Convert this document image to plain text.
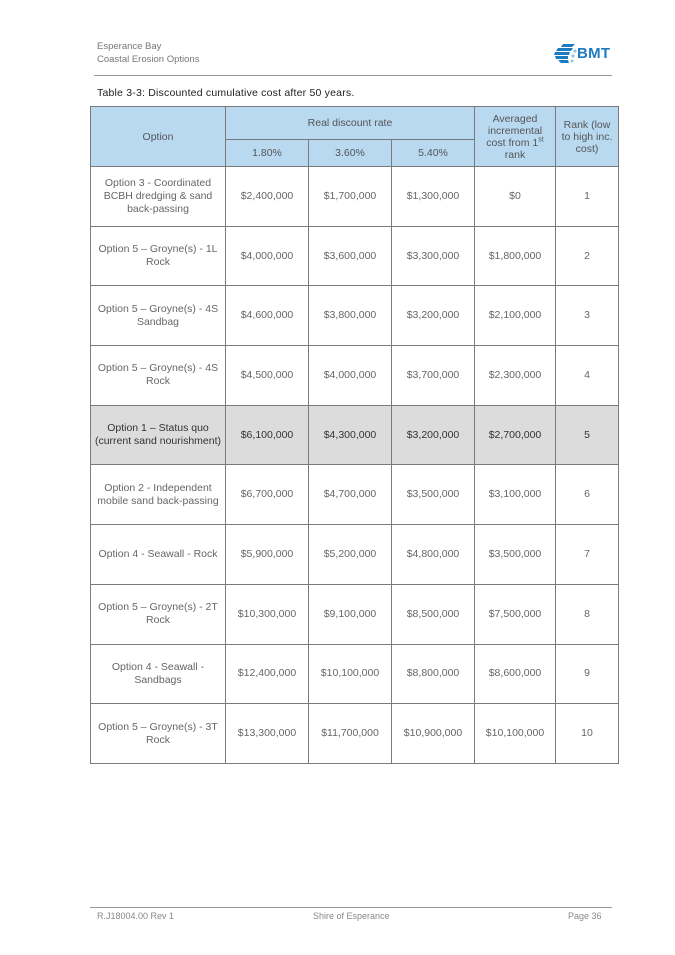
Esperance Bay
Coastal Erosion Options	BMT
Table 3-3: Discounted cumulative cost after 50 years.
Option	Real discount rate			Averaged incremental cost from 1st rank	Rank (low to high inc. cost)
	1.80%	3.60%	5.40%		
Option 3 - Coordinated BCBH dredging & sand back-passing	$2,400,000	$1,700,000	$1,300,000	$0	1
Option 5 – Groyne(s) - 1L Rock	$4,000,000	$3,600,000	$3,300,000	$1,800,000	2
Option 5 – Groyne(s) - 4S Sandbag	$4,600,000	$3,800,000	$3,200,000	$2,100,000	3
Option 5 – Groyne(s) - 4S Rock	$4,500,000	$4,000,000	$3,700,000	$2,300,000	4
Option 1 – Status quo (current sand nourishment)	$6,100,000	$4,300,000	$3,200,000	$2,700,000	5
Option 2 - Independent mobile sand back-passing	$6,700,000	$4,700,000	$3,500,000	$3,100,000	6
Option 4 - Seawall - Rock	$5,900,000	$5,200,000	$4,800,000	$3,500,000	7
Option 5 – Groyne(s) - 2T Rock	$10,300,000	$9,100,000	$8,500,000	$7,500,000	8
Option 4 - Seawall - Sandbags	$12,400,000	$10,100,000	$8,800,000	$8,600,000	9
Option 5 – Groyne(s) - 3T Rock	$13,300,000	$11,700,000	$10,900,000	$10,100,000	10
R.J18004.00 Rev 1	Shire of Esperance	Page 36
